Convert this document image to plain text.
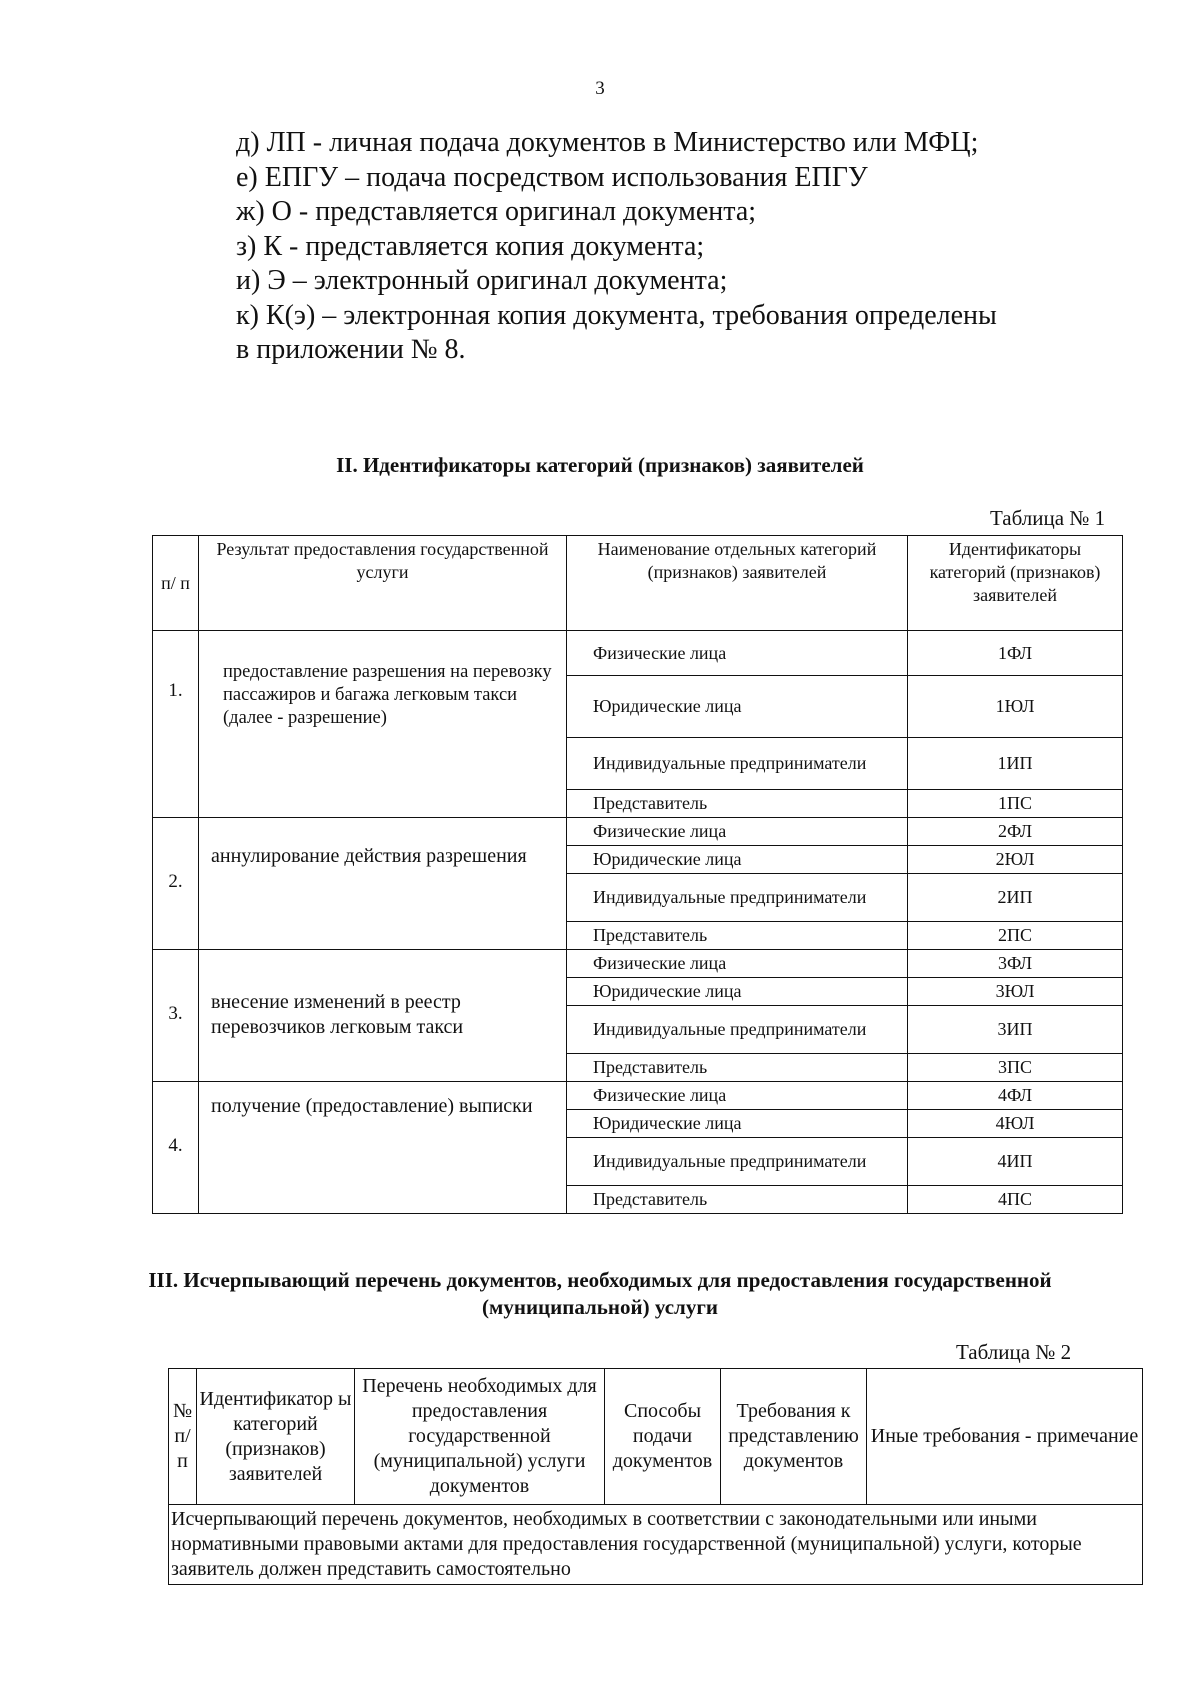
3
д) ЛП - личная подача документов в Министерство или МФЦ;
е) ЕПГУ – подача посредством использования ЕПГУ
ж) О - представляется оригинал документа;
з) К - представляется копия документа;
и) Э – электронный оригинал документа;
к) К(э) – электронная копия документа, требования определены
в приложении № 8.
II. Идентификаторы категорий (признаков) заявителей
Таблица № 1
п/ п	Результат предоставления государственной услуги	Наименование отдельных категорий (признаков) заявителей	Идентификаторы категорий (признаков) заявителей
1.	предоставление разрешения на перевозку пассажиров и багажа легковым такси (далее - разрешение)	Физические лица	1ФЛ
		Юридические лица	1ЮЛ
		Индивидуальные предприниматели	1ИП
		Представитель	1ПС
2.	аннулирование действия разрешения	Физические лица	2ФЛ
		Юридические лица	2ЮЛ
		Индивидуальные предприниматели	2ИП
		Представитель	2ПС
3.	внесение изменений в реестр перевозчиков легковым такси	Физические лица	3ФЛ
		Юридические лица	3ЮЛ
		Индивидуальные предприниматели	3ИП
		Представитель	3ПС
4.	получение (предоставление) выписки	Физические лица	4ФЛ
		Юридические лица	4ЮЛ
		Индивидуальные предприниматели	4ИП
		Представитель	4ПС
III. Исчерпывающий перечень документов, необходимых для предоставления государственной
(муниципальной) услуги
Таблица № 2
№ п/ п	Идентификатор ы категорий (признаков) заявителей	Перечень необходимых для предоставления государственной (муниципальной) услуги документов	Способы подачи документов	Требования к представлению документов	Иные требования - примечание
Исчерпывающий перечень документов, необходимых в соответствии с законодательными или иными нормативными правовыми актами для предоставления государственной (муниципальной) услуги, которые заявитель должен представить самостоятельно
